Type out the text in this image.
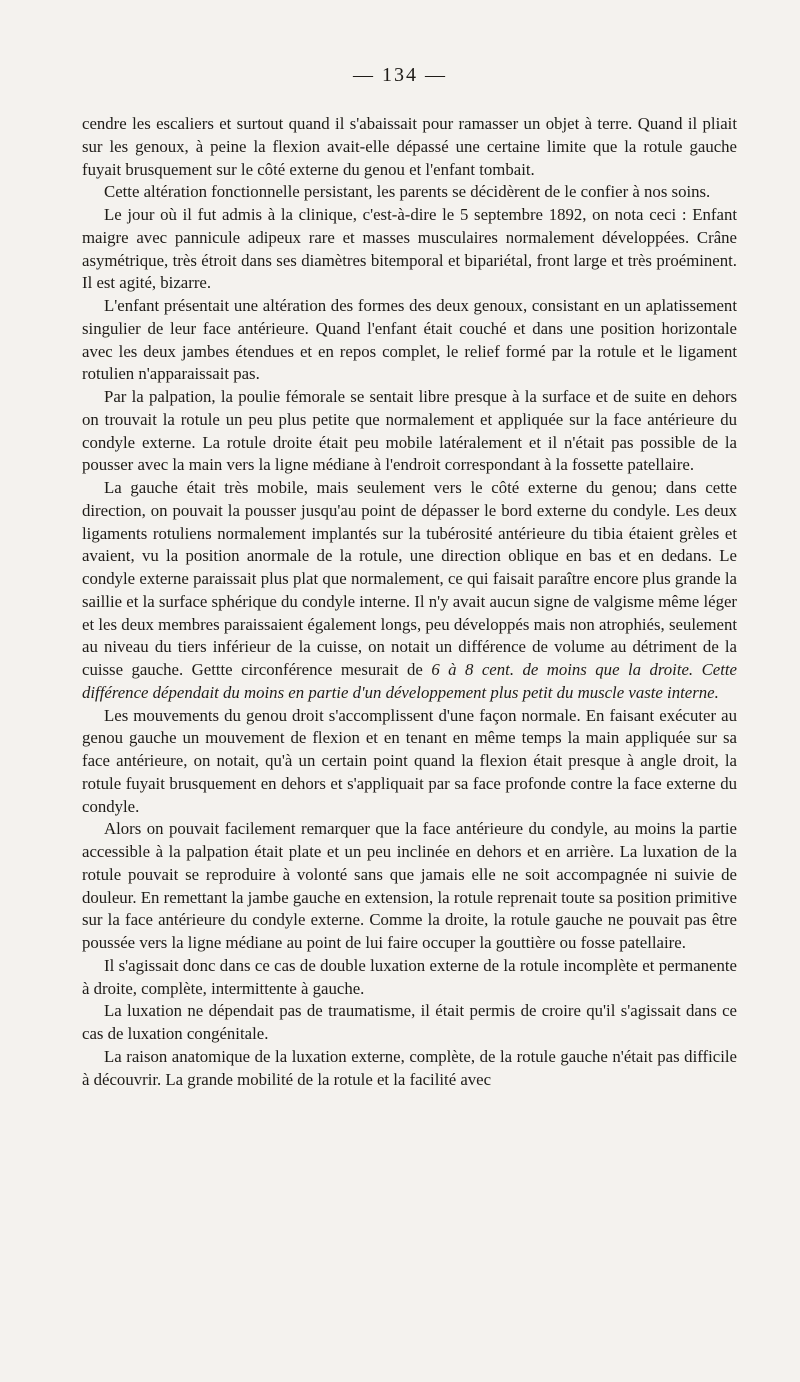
— 134 —

cendre les escaliers et surtout quand il s'abaissait pour ramasser un objet à terre. Quand il pliait sur les genoux, à peine la flexion avait-elle dépassé une certaine limite que la rotule gauche fuyait brusquement sur le côté externe du genou et l'enfant tombait.

Cette altération fonctionnelle persistant, les parents se décidèrent de le confier à nos soins.

Le jour où il fut admis à la clinique, c'est-à-dire le 5 septembre 1892, on nota ceci : Enfant maigre avec pannicule adipeux rare et masses musculaires normalement développées. Crâne asymétrique, très étroit dans ses diamètres bitemporal et bipariétal, front large et très proéminent. Il est agité, bizarre.

L'enfant présentait une altération des formes des deux genoux, consistant en un aplatissement singulier de leur face antérieure. Quand l'enfant était couché et dans une position horizontale avec les deux jambes étendues et en repos complet, le relief formé par la rotule et le ligament rotulien n'apparaissait pas.

Par la palpation, la poulie fémorale se sentait libre presque à la surface et de suite en dehors on trouvait la rotule un peu plus petite que normalement et appliquée sur la face antérieure du condyle externe. La rotule droite était peu mobile latéralement et il n'était pas possible de la pousser avec la main vers la ligne médiane à l'endroit correspondant à la fossette patellaire.

La gauche était très mobile, mais seulement vers le côté externe du genou; dans cette direction, on pouvait la pousser jusqu'au point de dépasser le bord externe du condyle. Les deux ligaments rotuliens normalement implantés sur la tubérosité antérieure du tibia étaient grèles et avaient, vu la position anormale de la rotule, une direction oblique en bas et en dedans. Le condyle externe paraissait plus plat que normalement, ce qui faisait paraître encore plus grande la saillie et la surface sphérique du condyle interne. Il n'y avait aucun signe de valgisme même léger et les deux membres paraissaient également longs, peu développés mais non atrophiés, seulement au niveau du tiers inférieur de la cuisse, on notait un différence de volume au détriment de la cuisse gauche. Gettte circonférence mesurait de 6 à 8 cent. de moins que la droite. Cette différence dépendait du moins en partie d'un développement plus petit du muscle vaste interne.

Les mouvements du genou droit s'accomplissent d'une façon normale. En faisant exécuter au genou gauche un mouvement de flexion et en tenant en même temps la main appliquée sur sa face antérieure, on notait, qu'à un certain point quand la flexion était presque à angle droit, la rotule fuyait brusquement en dehors et s'appliquait par sa face profonde contre la face externe du condyle.

Alors on pouvait facilement remarquer que la face antérieure du condyle, au moins la partie accessible à la palpation était plate et un peu inclinée en dehors et en arrière. La luxation de la rotule pouvait se reproduire à volonté sans que jamais elle ne soit accompagnée ni suivie de douleur. En remettant la jambe gauche en extension, la rotule reprenait toute sa position primitive sur la face antérieure du condyle externe. Comme la droite, la rotule gauche ne pouvait pas être poussée vers la ligne médiane au point de lui faire occuper la gouttière ou fosse patellaire.

Il s'agissait donc dans ce cas de double luxation externe de la rotule incomplète et permanente à droite, complète, intermittente à gauche.

La luxation ne dépendait pas de traumatisme, il était permis de croire qu'il s'agissait dans ce cas de luxation congénitale.

La raison anatomique de la luxation externe, complète, de la rotule gauche n'était pas difficile à découvrir. La grande mobilité de la rotule et la facilité avec
